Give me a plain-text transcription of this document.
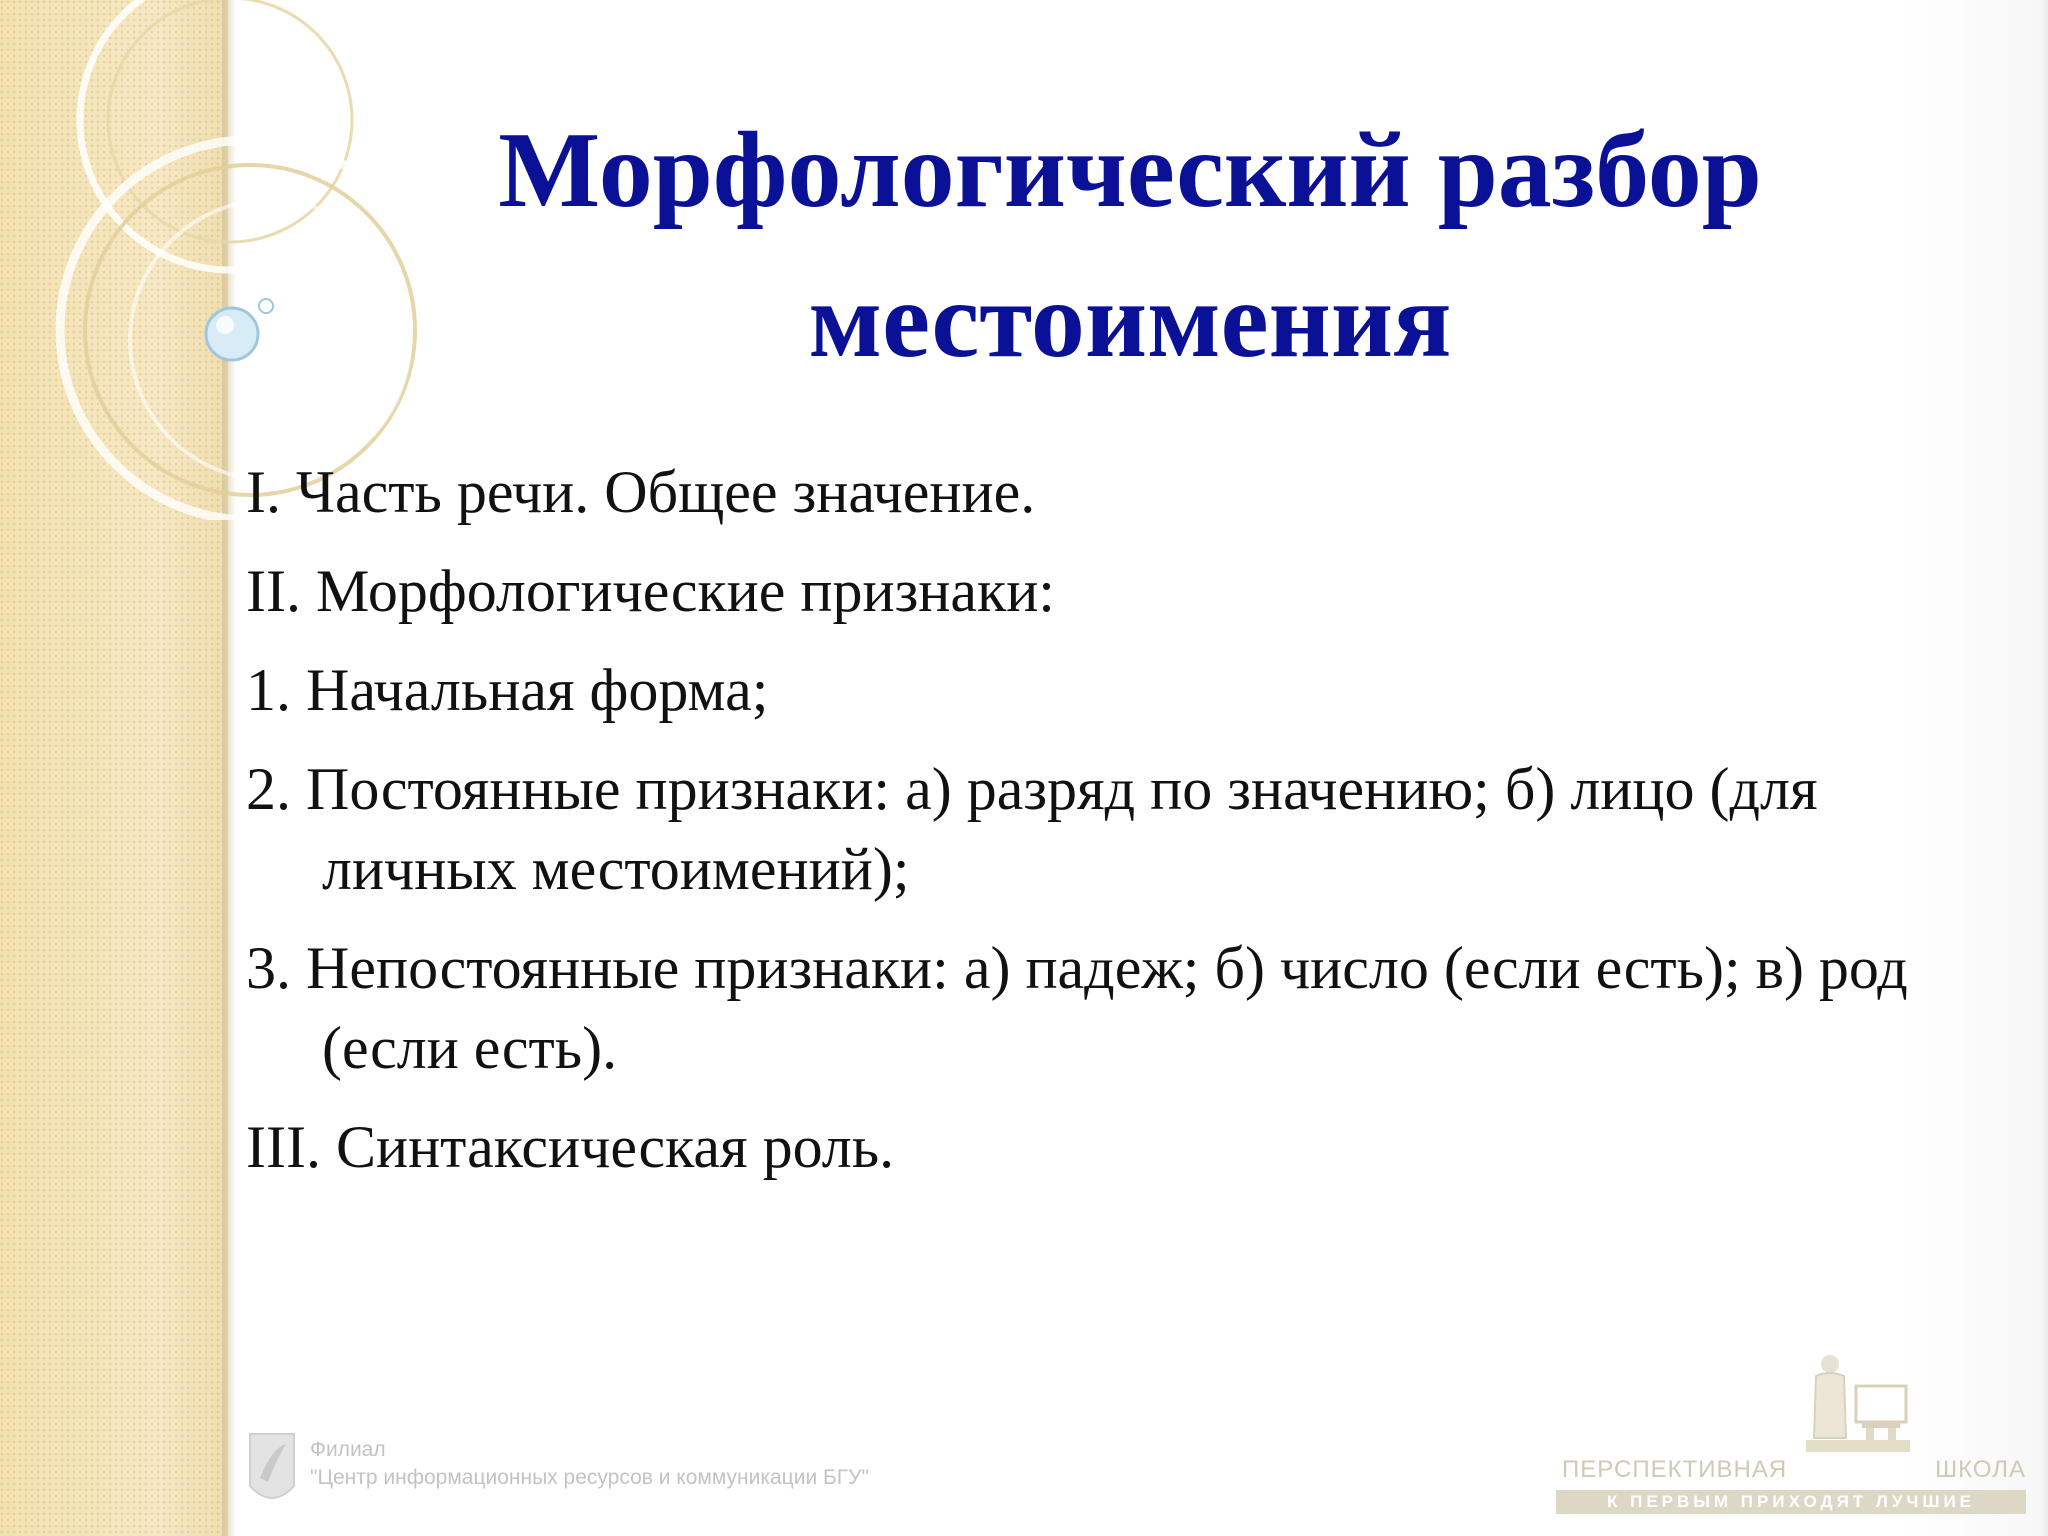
Морфологический разбор местоимения

I. Часть речи. Общее значение.

II. Морфологические признаки:

1. Начальная форма;

2. Постоянные признаки: а) разряд по значению; б) лицо (для личных местоимений);

3. Непостоянные признаки: а) падеж; б) число (если есть); в) род (если есть).

III. Синтаксическая роль.

Филиал
"Центр информационных ресурсов и коммуникации БГУ"	ПЕРСПЕКТИВНАЯ	ШКОЛА
К ПЕРВЫМ ПРИХОДЯТ ЛУЧШИЕ
